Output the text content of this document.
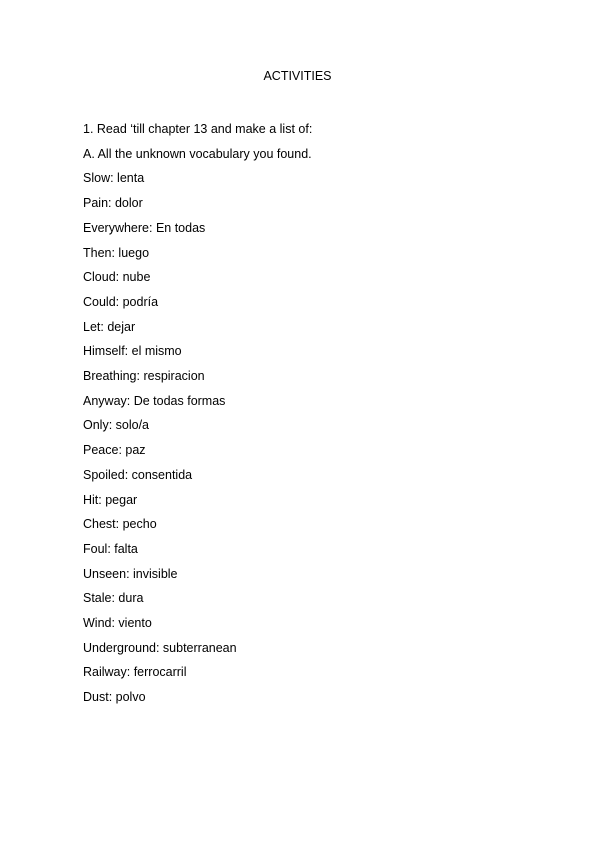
ACTIVITIES
1. Read ‘till chapter 13 and make a list of:
A. All the unknown vocabulary you found.
Slow: lenta
Pain: dolor
Everywhere: En todas
Then: luego
Cloud: nube
Could: podría
Let: dejar
Himself: el mismo
Breathing: respiracion
Anyway: De todas formas
Only: solo/a
Peace: paz
Spoiled: consentida
Hit: pegar
Chest: pecho
Foul: falta
Unseen: invisible
Stale: dura
Wind: viento
Underground: subterranean
Railway: ferrocarril
Dust: polvo
